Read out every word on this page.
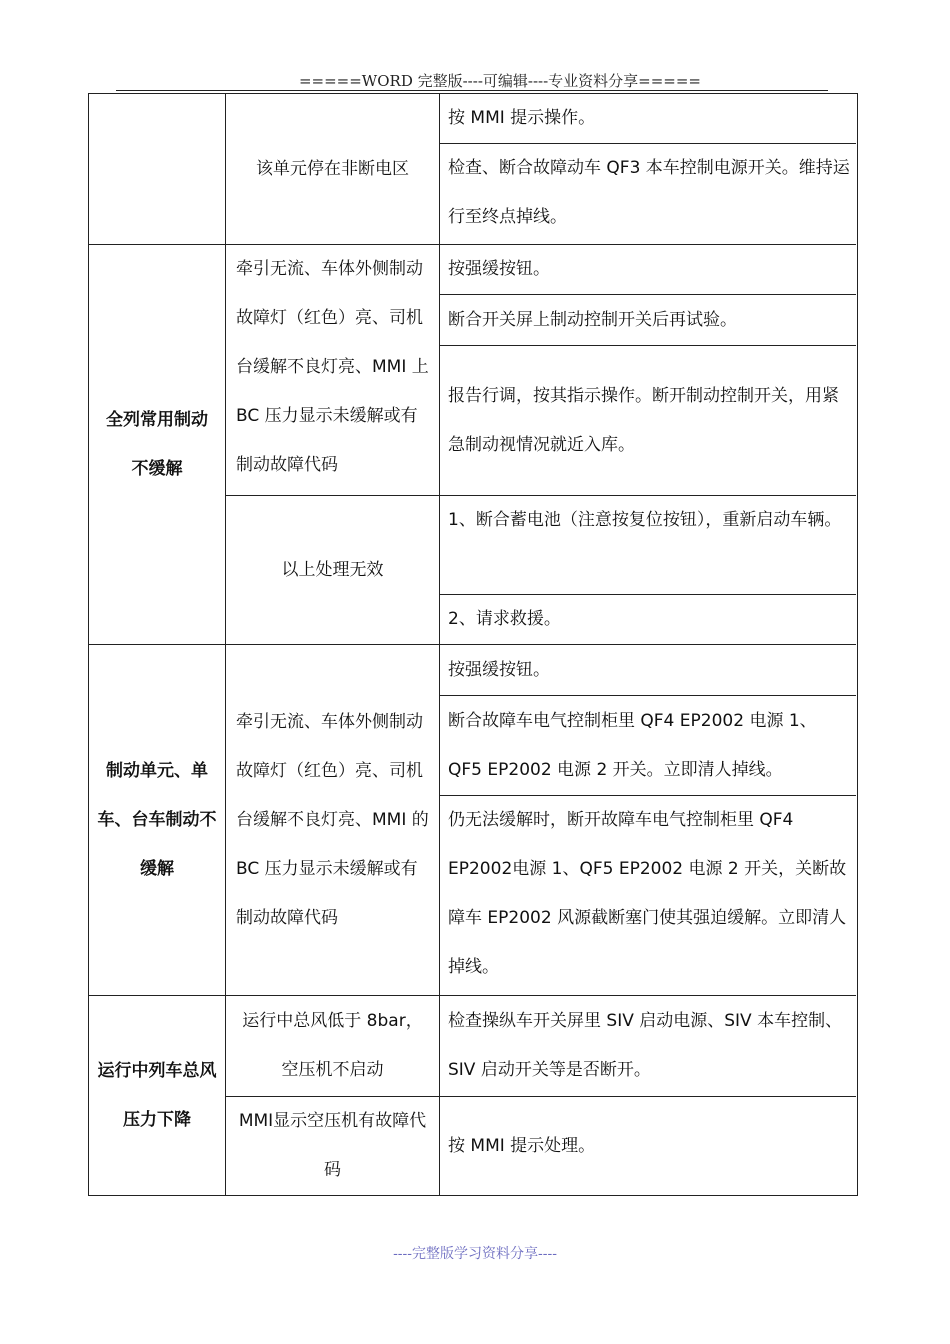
=====WORD 完整版----可编辑----专业资料分享=====
该单元停在非断电区
按 MMI 提示操作。
检查、断合故障动车 QF3 本车控制电源开关。维持运行至终点掉线。
全列常用制动不缓解
牵引无流、车体外侧制动故障灯（红色）亮、司机台缓解不良灯亮、MMI 上 BC 压力显示未缓解或有制动故障代码
按强缓按钮。
断合开关屏上制动控制开关后再试验。
报告行调，按其指示操作。断开制动控制开关，用紧急制动视情况就近入库。
以上处理无效
1、断合蓄电池（注意按复位按钮），重新启动车辆。
2、请求救援。
制动单元、单车、台车制动不缓解
牵引无流、车体外侧制动故障灯（红色）亮、司机台缓解不良灯亮、MMI 的 BC 压力显示未缓解或有制动故障代码
按强缓按钮。
断合故障车电气控制柜里 QF4 EP2002 电源 1、QF5 EP2002 电源 2 开关。立即清人掉线。
仍无法缓解时，断开故障车电气控制柜里 QF4 EP2002电源 1、QF5 EP2002 电源 2 开关，关断故障车 EP2002 风源截断塞门使其强迫缓解。立即清人掉线。
运行中列车总风压力下降
运行中总风低于 8bar，空压机不启动
检查操纵车开关屏里 SIV 启动电源、SIV 本车控制、SIV 启动开关等是否断开。
MMI显示空压机有故障代码
按 MMI 提示处理。
----完整版学习资料分享----
